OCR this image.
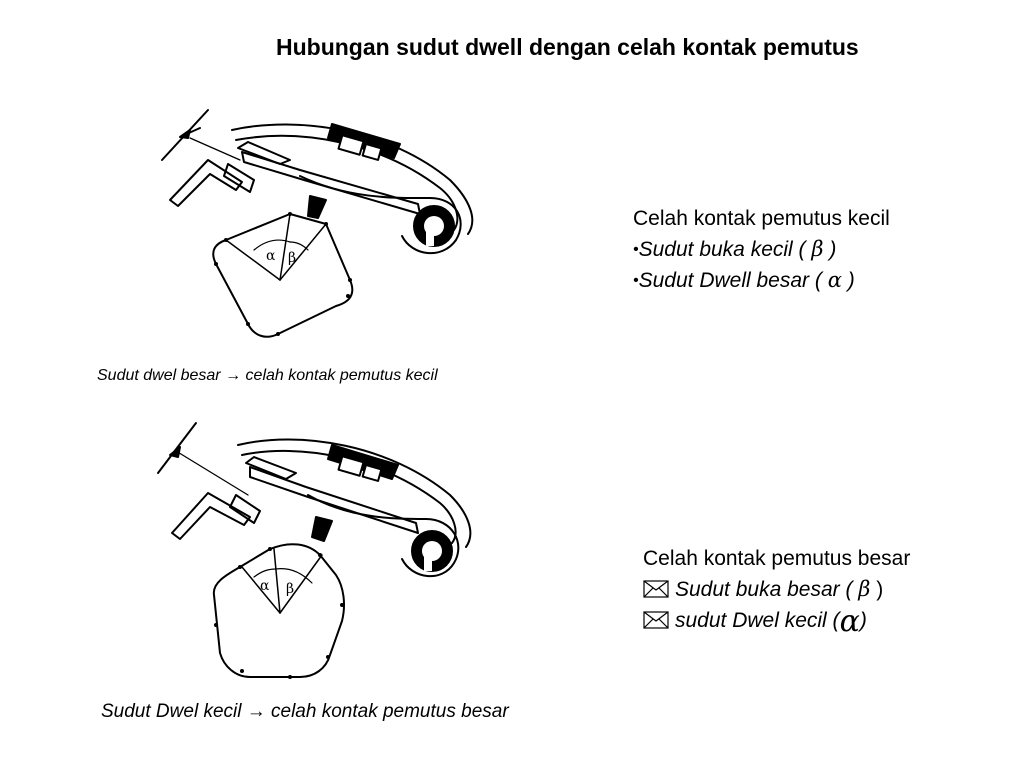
Hubungan sudut dwell dengan celah kontak pemutus
α β
Sudut dwel besar → celah kontak pemutus kecil
α β
Sudut Dwel kecil → celah kontak pemutus besar
Celah kontak pemutus kecil
•Sudut buka kecil ( β )
•Sudut Dwell besar ( α )
Celah kontak pemutus besar
Sudut buka besar ( β )
sudut Dwel kecil (α)
